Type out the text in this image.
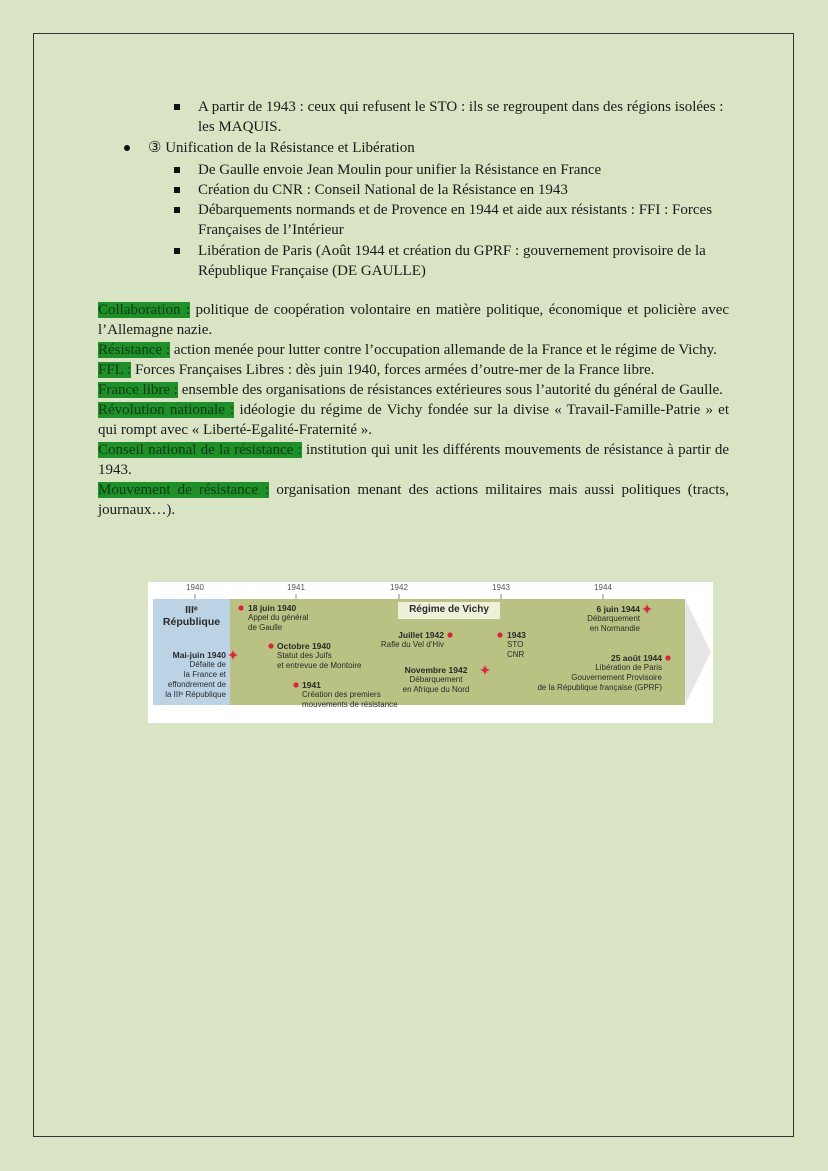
A partir de 1943 : ceux qui refusent le STO : ils se regroupent dans des régions isolées : les MAQUIS.
③ Unification de la Résistance et Libération
De Gaulle envoie Jean Moulin pour unifier la Résistance en France
Création du CNR : Conseil National de la Résistance en 1943
Débarquements normands et de Provence en 1944 et aide aux résistants : FFI : Forces Françaises de l’Intérieur
Libération de Paris (Août 1944 et création du GPRF : gouvernement provisoire de la République Française (DE GAULLE)

Collaboration : politique de coopération volontaire en matière politique, économique et policière avec l’Allemagne nazie.

Résistance : action menée pour lutter contre l’occupation allemande de la France et le régime de Vichy.

FFL : Forces Françaises Libres : dès juin 1940, forces armées d’outre-mer de la France libre.

France libre : ensemble des organisations de résistances extérieures sous l’autorité du général de Gaulle.

Révolution nationale : idéologie du régime de Vichy fondée sur la divise « Travail-Famille-Patrie » et qui rompt avec « Liberté-Egalité-Fraternité ».

Conseil national de la résistance : institution qui unit les différents mouvements de résistance à partir de 1943.

Mouvement de résistance : organisation menant des actions militaires mais aussi politiques (tracts, journaux…).

1940	1941	1942	1943	1944
IIIᵉ
République
Régime de Vichy
Mai-juin 1940
Défaite de
la France et
effondrement de
la IIIᵉ République
18 juin 1940
Appel du général
de Gaulle
Octobre 1940
Statut des Juifs
et entrevue de Montoire
1941
Création des premiers
mouvements de résistance
Juillet 1942
Rafle du Vel d’Hiv
Novembre 1942
Débarquement
en Afrique du Nord
1943
STO
CNR
6 juin 1944
Débarquement
en Normandie
25 août 1944
Libération de Paris
Gouvernement Provisoire
de la République française (GPRF)
